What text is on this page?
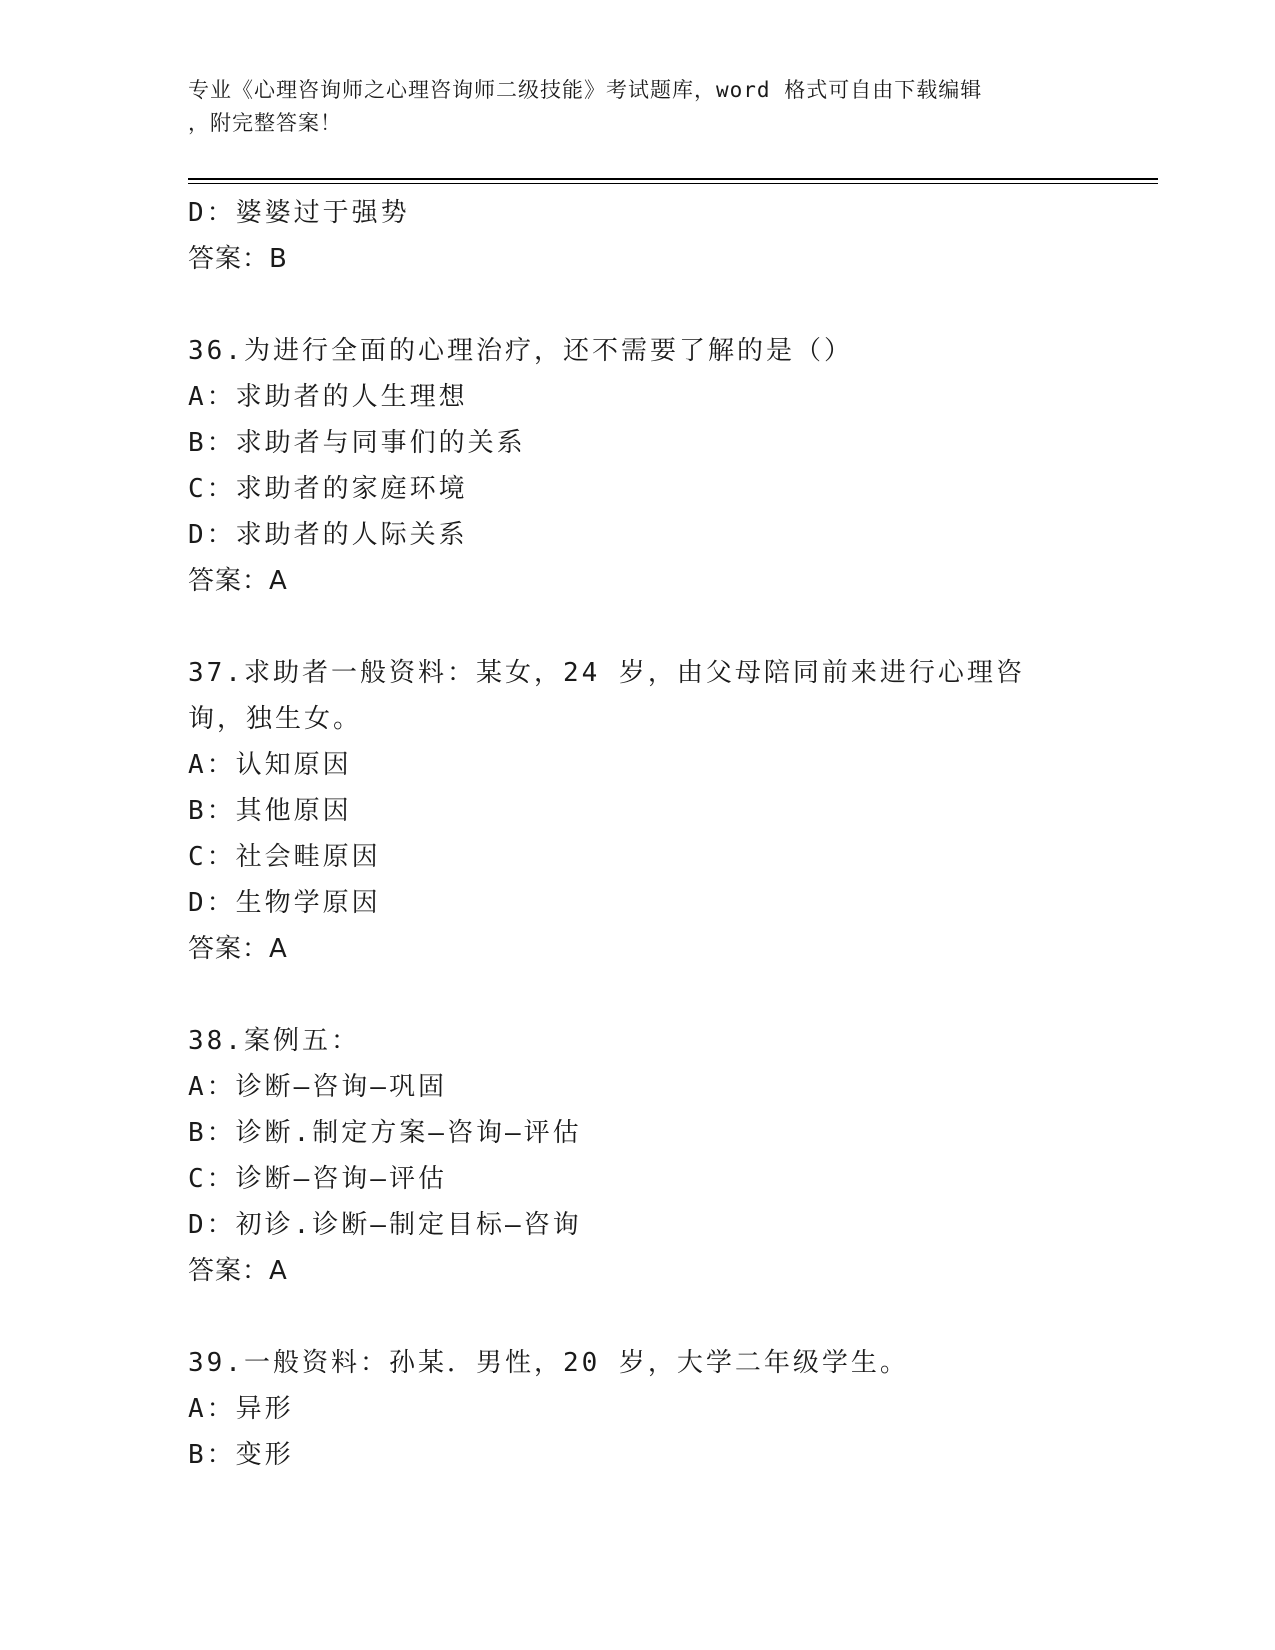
专业《心理咨询师之心理咨询师二级技能》考试题库，word 格式可自由下载编辑
，附完整答案！
D：婆婆过于强势
答案：B
36.为进行全面的心理治疗，还不需要了解的是（）
A：求助者的人生理想
B：求助者与同事们的关系
C：求助者的家庭环境
D：求助者的人际关系
答案：A
37.求助者一般资料：某女，24 岁，由父母陪同前来进行心理咨询，独生女。
A：认知原因
B：其他原因
C：社会畦原因
D：生物学原因
答案：A
38.案例五：
A：诊断—咨询—巩固
B：诊断.制定方案—咨询—评估
C：诊断—咨询—评估
D：初诊.诊断—制定目标—咨询
答案：A
39.一般资料：孙某．男性，20 岁，大学二年级学生。
A：异形
B：变形
